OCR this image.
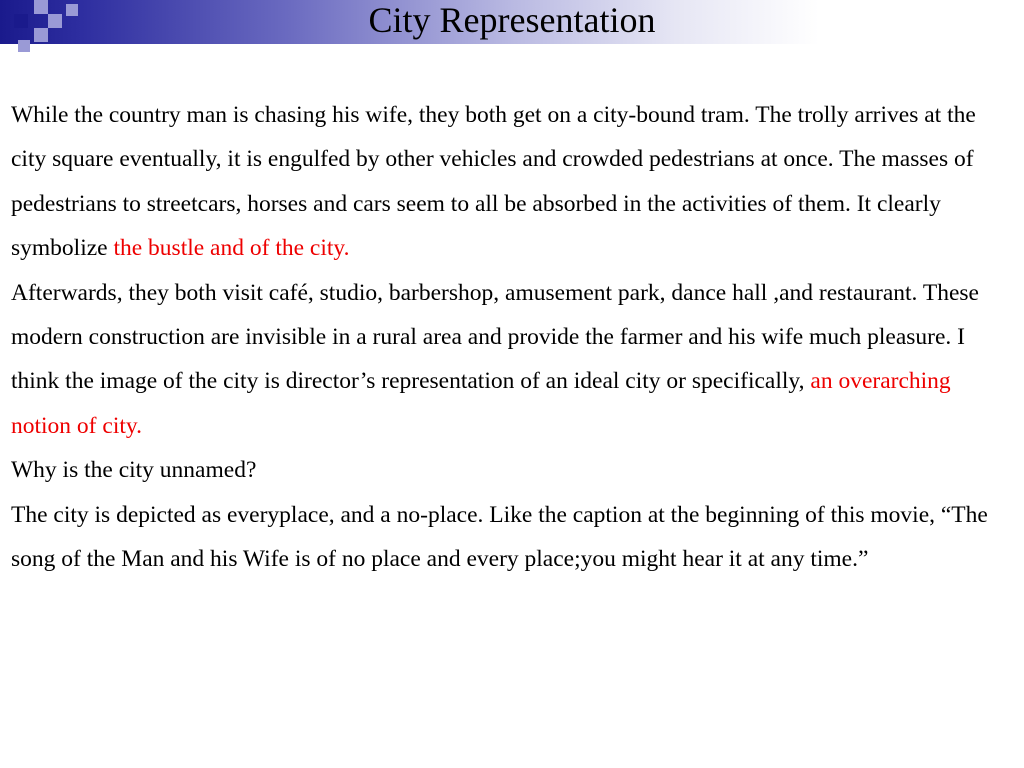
City Representation

While the country man is chasing his wife, they both get on a city-bound tram. The trolly arrives at the city square eventually, it is engulfed by other vehicles and crowded pedestrians at once. The masses of pedestrians to streetcars, horses and cars seem to all be absorbed in the activities of them. It clearly symbolize the bustle and of the city.

Afterwards, they both visit café, studio, barbershop, amusement park, dance hall ,and restaurant. These modern construction are invisible in a rural area and provide the farmer and his wife much pleasure. I think the image of the city is director’s representation of an ideal city or specifically, an overarching notion of city.

Why is the city unnamed?

The city is depicted as everyplace, and a no-place. Like the caption at the beginning of this movie, “The song of the Man and his Wife is of no place and every place;you might hear it at any time.”
